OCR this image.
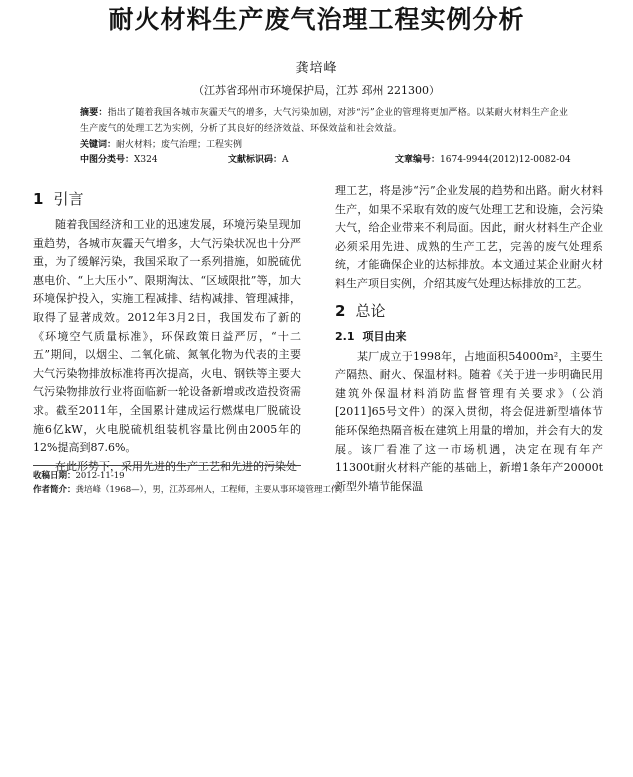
耐火材料生产废气治理工程实例分析
龚培峰
（江苏省邳州市环境保护局，江苏 邳州 221300）

摘要：指出了随着我国各城市灰霾天气的增多，大气污染加剧，对涉“污”企业的管理将更加严格。以某耐火材料生产企业生产废气的处理工艺为实例，分析了其良好的经济效益、环保效益和社会效益。

关键词：耐火材料；废气治理；工程实例
中图分类号：X324	文献标识码：A	文章编号：1674-9944(2012)12-0082-04
1 引言

随着我国经济和工业的迅速发展，环境污染呈现加重趋势，各城市灰霾天气增多，大气污染状况也十分严重，为了缓解污染，我国采取了一系列措施，如脱硫优惠电价、“上大压小”、限期淘汰、“区域限批”等，加大环境保护投入，实施工程减排、结构减排、管理减排，取得了显著成效。2012年3月2日，我国发布了新的《环境空气质量标准》，环保政策日益严厉，“十二五”期间，以烟尘、二氧化硫、氮氧化物为代表的主要大气污染物排放标准将再次提高，火电、钢铁等主要大气污染物排放行业将面临新一轮设备新增或改造投资需求。截至2011年，全国累计建成运行燃煤电厂脱硫设施6亿kW，火电脱硫机组装机容量比例由2005年的12%提高到87.6%。

在此形势下，采用先进的生产工艺和先进的污染处

收稿日期：2012-11-19
作者简介：龚培峰（1968—），男，江苏邳州人，工程师，主要从事环境管理工作。

理工艺，将是涉“污”企业发展的趋势和出路。耐火材料生产，如果不采取有效的废气处理工艺和设施，会污染大气，给企业带来不利局面。因此，耐火材料生产企业必须采用先进、成熟的生产工艺，完善的废气处理系统，才能确保企业的达标排放。本文通过某企业耐火材料生产项目实例，介绍其废气处理达标排放的工艺。

2 总论
2.1 项目由来

某厂成立于1998年，占地面积54000m²，主要生产隔热、耐火、保温材料。随着《关于进一步明确民用建筑外保温材料消防监督管理有关要求》（公消[2011]65号文件）的深入贯彻，将会促进新型墙体节能环保绝热隔音板在建筑上用量的增加，并会有大的发展。该厂看准了这一市场机遇，决定在现有年产11300t耐火材料产能的基础上，新增1条年产20000t新型外墙节能保温
